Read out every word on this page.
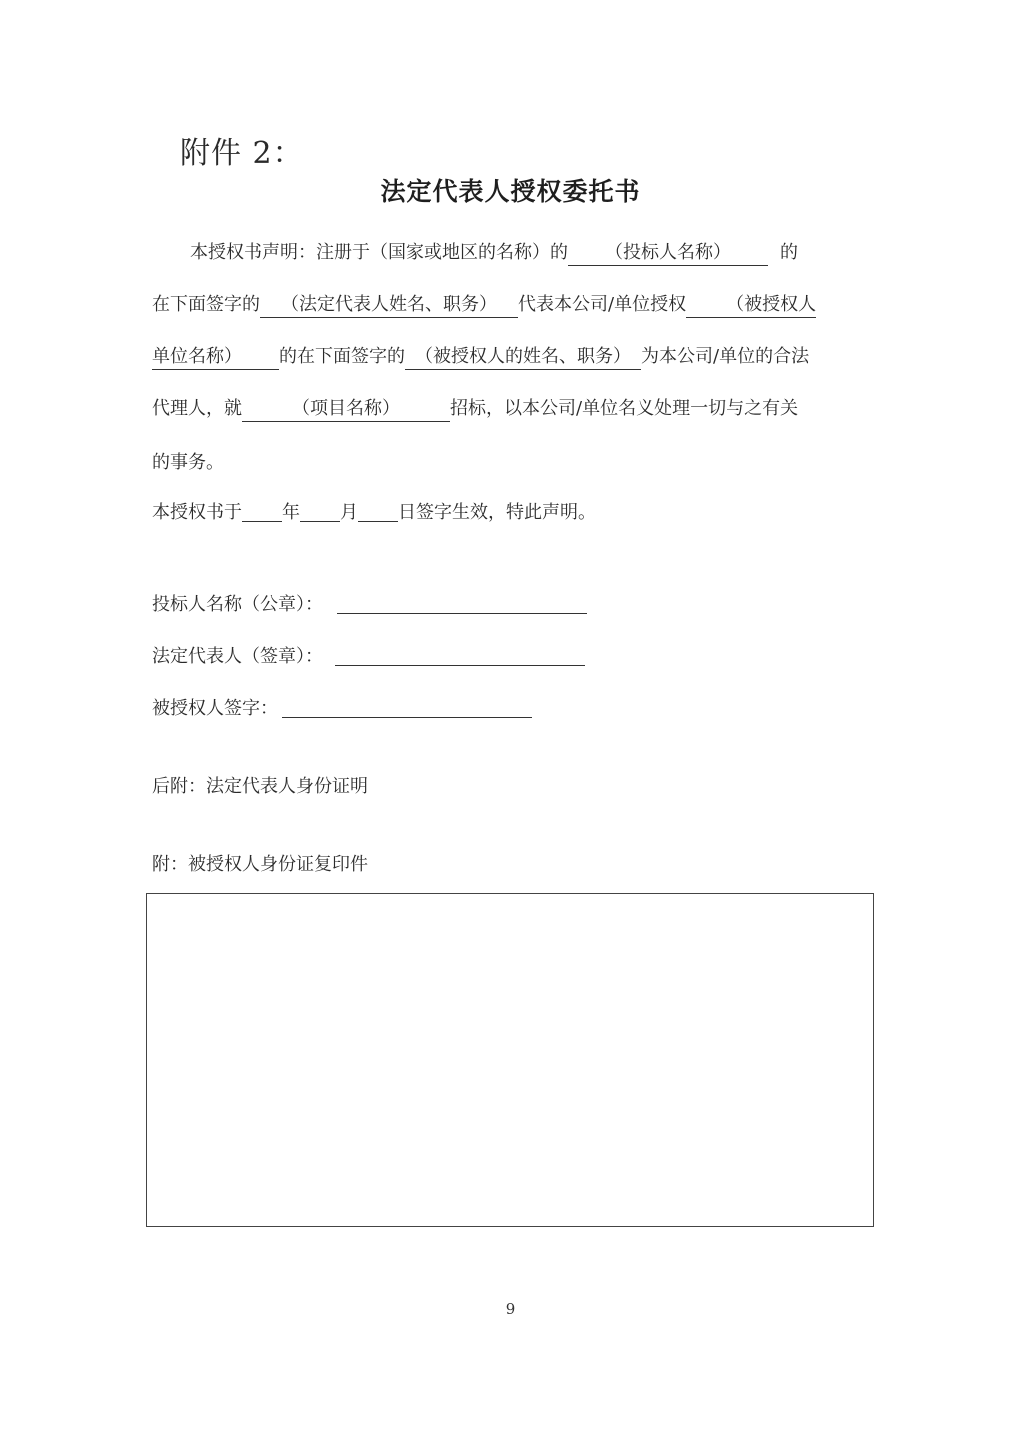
附件 2：
法定代表人授权委托书
本授权书声明：注册于（国家或地区的名称）的 （投标人名称）	的
在下面签字的 （法定代表人姓名、职务） 代表本公司/单位授权 （被授权人
单位名称） 的在下面签字的 （被授权人的姓名、职务） 为本公司/单位的合法
代理人，就	（项目名称）	招标，以本公司/单位名义处理一切与之有关
的事务。
本授权书于 年 月 日签字生效，特此声明。
投标人名称（公章）：
法定代表人（签章）：
被授权人签字：
后附：法定代表人身份证明
附：被授权人身份证复印件
9
